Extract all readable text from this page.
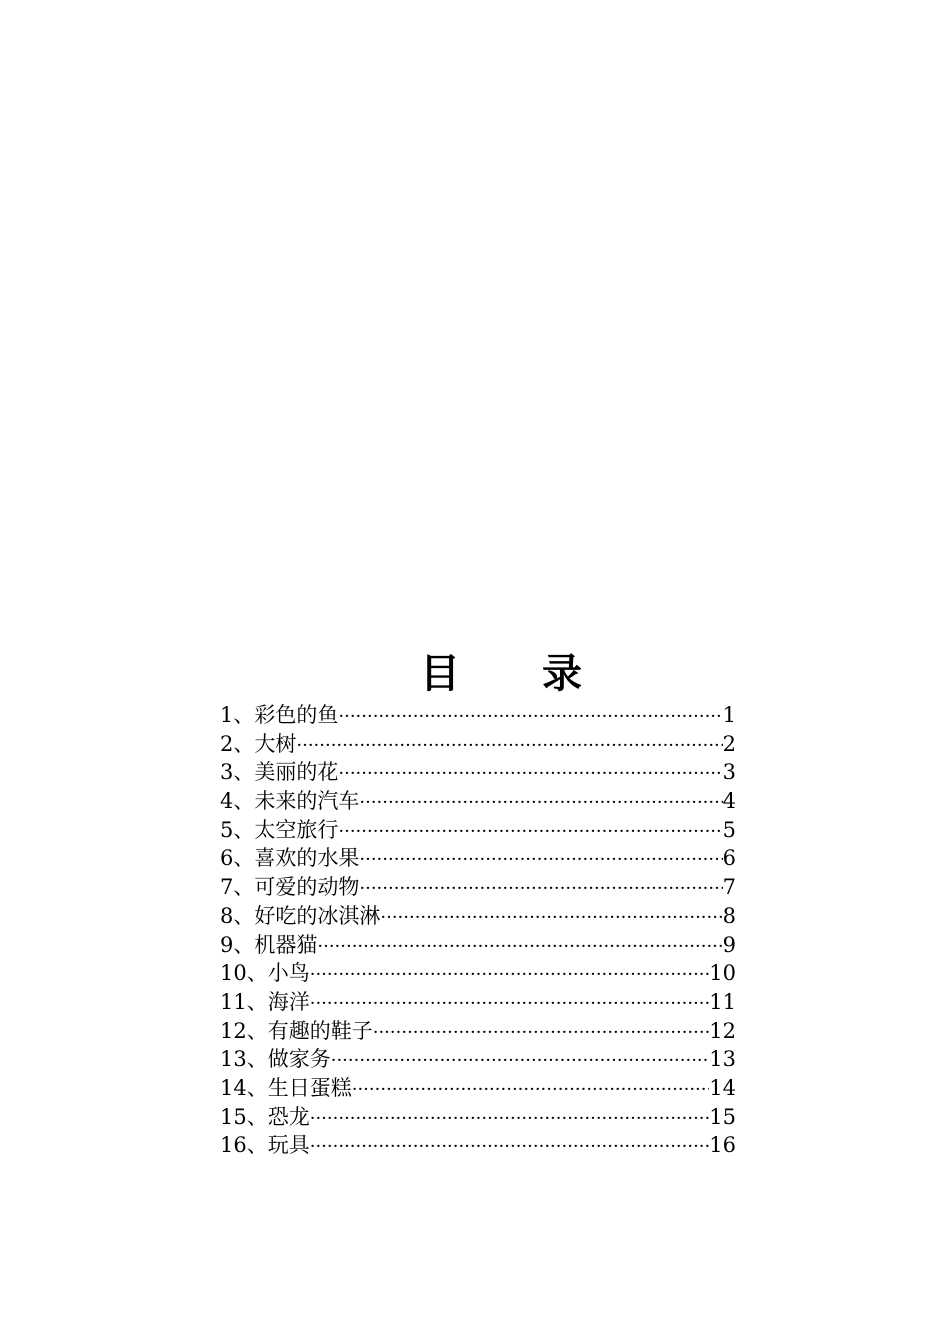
目 录
1、彩色的鱼 ·····	1
2、大树 ·····	2
3、美丽的花 ·····	3
4、未来的汽车 ·····	4
5、太空旅行 ·····	5
6、喜欢的水果 ·····	6
7、可爱的动物 ·····	7
8、好吃的冰淇淋 ·····	8
9、机器猫 ·····	9
10、小鸟 ·····	10
11、海洋 ·····	11
12、有趣的鞋子 ·····	12
13、做家务 ·····	13
14、生日蛋糕 ·····	14
15、恐龙 ·····	15
16、玩具 ·····	16
